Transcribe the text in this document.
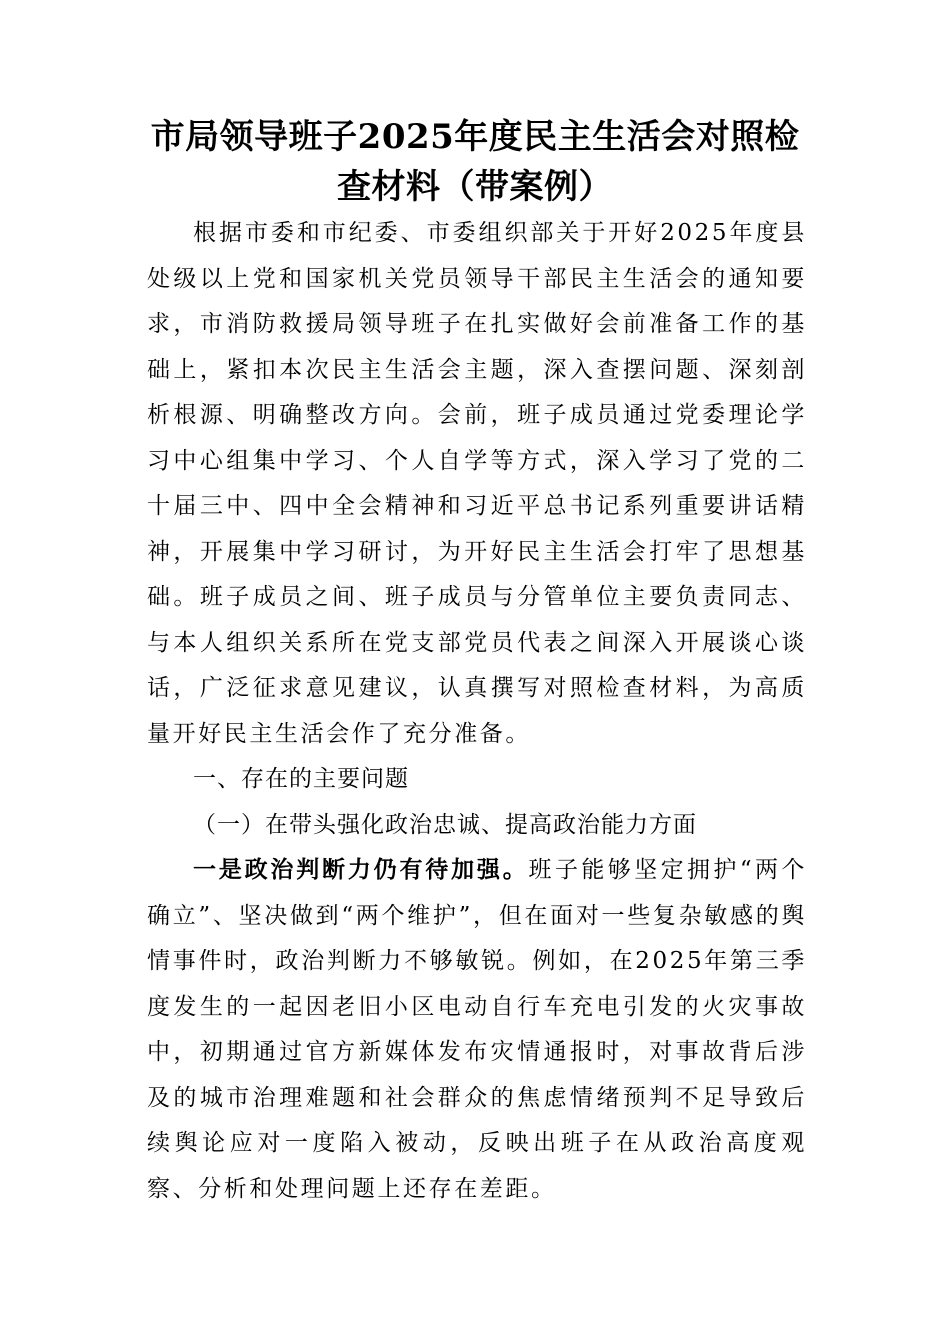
市局领导班子2025年度民主生活会对照检查材料（带案例）

根据市委和市纪委、市委组织部关于开好2025年度县处级以上党和国家机关党员领导干部民主生活会的通知要求，市消防救援局领导班子在扎实做好会前准备工作的基础上，紧扣本次民主生活会主题，深入查摆问题、深刻剖析根源、明确整改方向。会前，班子成员通过党委理论学习中心组集中学习、个人自学等方式，深入学习了党的二十届三中、四中全会精神和习近平总书记系列重要讲话精神，开展集中学习研讨，为开好民主生活会打牢了思想基础。班子成员之间、班子成员与分管单位主要负责同志、与本人组织关系所在党支部党员代表之间深入开展谈心谈话，广泛征求意见建议，认真撰写对照检查材料，为高质量开好民主生活会作了充分准备。

一、存在的主要问题

（一）在带头强化政治忠诚、提高政治能力方面

一是政治判断力仍有待加强。班子能够坚定拥护“两个确立”、坚决做到“两个维护”，但在面对一些复杂敏感的舆情事件时，政治判断力不够敏锐。例如，在2025年第三季度发生的一起因老旧小区电动自行车充电引发的火灾事故中，初期通过官方新媒体发布灾情通报时，对事故背后涉及的城市治理难题和社会群众的焦虑情绪预判不足导致后续舆论应对一度陷入被动，反映出班子在从政治高度观察、分析和处理问题上还存在差距。
